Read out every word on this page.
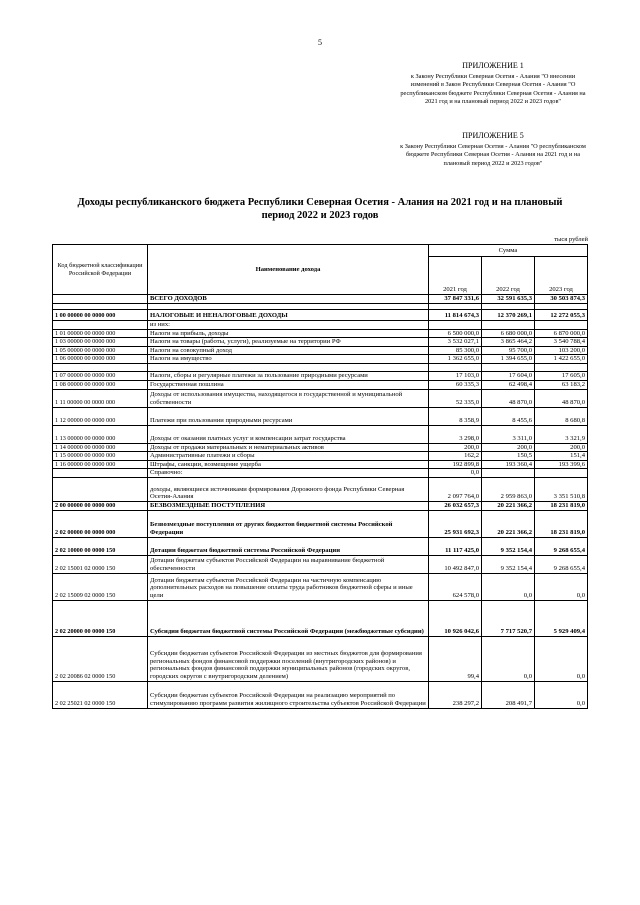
5
ПРИЛОЖЕНИЕ 1
к Закону Республики Северная Осетия - Алания "О внесении изменений в Закон Республики Северная Осетия - Алания "О республиканском бюджете Республики Северная Осетия - Алания на 2021 год и на плановый период 2022 и 2023 годов"
ПРИЛОЖЕНИЕ 5
к Закону Республики Северная Осетия - Алания "О республиканском бюджете Республики Северная Осетия - Алания на 2021 год и на плановый период 2022 и 2023 годов"
Доходы республиканского бюджета Республики Северная Осетия - Алания на 2021 год и на плановый период 2022 и 2023 годов
тыся рублей
Код бюджетной классификации Российской Федерации	Наименование дохода	Сумма		
		2021 год	2022 год	2023 год
	ВСЕГО ДОХОДОВ	37 847 331,6	32 591 635,3	30 503 874,3

1 00 00000 00 0000 000	НАЛОГОВЫЕ И НЕНАЛОГОВЫЕ ДОХОДЫ	11 814 674,3	12 370 269,1	12 272 055,3
	из них:			
1 01 00000 00 0000 000	Налоги на прибыль, доходы	6 500 000,0	6 680 000,0	6 870 000,0
1 03 00000 00 0000 000	Налоги на товары (работы, услуги), реализуемые на территории РФ	3 532 027,1	3 865 464,2	3 540 788,4
1 05 00000 00 0000 000	Налоги на совокупный доход	85 300,0	95 700,0	103 200,0
1 06 00000 00 0000 000	Налоги на имущество	1 362 655,0	1 394 655,0	1 422 655,0

1 07 00000 00 0000 000	Налоги, сборы и регулярные платежи за пользование природными ресурсами	17 103,0	17 604,0	17 605,0
1 08 00000 00 0000 000	Государственная пошлина	60 335,3	62 498,4	63 183,2
1 11 00000 00 0000 000	Доходы от использования имущества, находящегося в государственной и муниципальной собственности	52 335,0	48 870,0	48 870,0
1 12 00000 00 0000 000	Платежи при пользовании природными ресурсами	8 358,9	8 455,6	8 680,8
1 13 00000 00 0000 000	Доходы от оказания платных услуг и компенсации затрат государства	3 298,0	3 311,0	3 321,9
1 14 00000 00 0000 000	Доходы от продажи материальных и нематериальных активов	200,0	200,0	200,0
1 15 00000 00 0000 000	Административные платежи и сборы	162,2	150,5	151,4
1 16 00000 00 0000 000	Штрафы, санкции, возмещение ущерба	192 899,8	193 360,4	193 399,6
	Справочно:	0,0		
	доходы, являющиеся источниками формирования Дорожного фонда Республики Северная Осетия-Алания	2 097 764,0	2 959 863,0	3 351 510,8
2 00 00000 00 0000 000	БЕЗВОЗМЕЗДНЫЕ ПОСТУПЛЕНИЯ	26 032 657,3	20 221 366,2	18 231 819,0
2 02 00000 00 0000 000	Безвозмездные поступления от других бюджетов бюджетной системы Российской Федерации	25 931 692,3	20 221 366,2	18 231 819,0
2 02 10000 00 0000 150	Дотации бюджетам бюджетной системы Российской Федерации	11 117 425,0	9 352 154,4	9 268 655,4
2 02 15001 02 0000 150	Дотации бюджетам субъектов Российской Федерации на выравнивание бюджетной обеспеченности	10 492 847,0	9 352 154,4	9 268 655,4
2 02 15009 02 0000 150	Дотации бюджетам субъектов Российской Федерации на частичную компенсацию дополнительных расходов на повышение оплаты труда работников бюджетной сферы и иные цели	624 578,0	0,0	0,0
2 02 20000 00 0000 150	Субсидии бюджетам бюджетной системы Российской Федерации (межбюджетные субсидии)	10 926 042,6	7 717 520,7	5 929 409,4
2 02 20086 02 0000 150	Субсидии бюджетам субъектов Российской Федерации из местных бюджетов для формирования региональных фондов финансовой поддержки поселений (внутригородских районов) и региональных фондов финансовой поддержки муниципальных районов (городских округов, городских округов с внутригородским делением)	99,4	0,0	0,0
2 02 25021 02 0000 150	Субсидии бюджетам субъектов Российской Федерации на реализацию мероприятий по стимулированию программ развития жилищного строительства субъектов Российской Федерации	238 297,2	208 491,7	0,0
